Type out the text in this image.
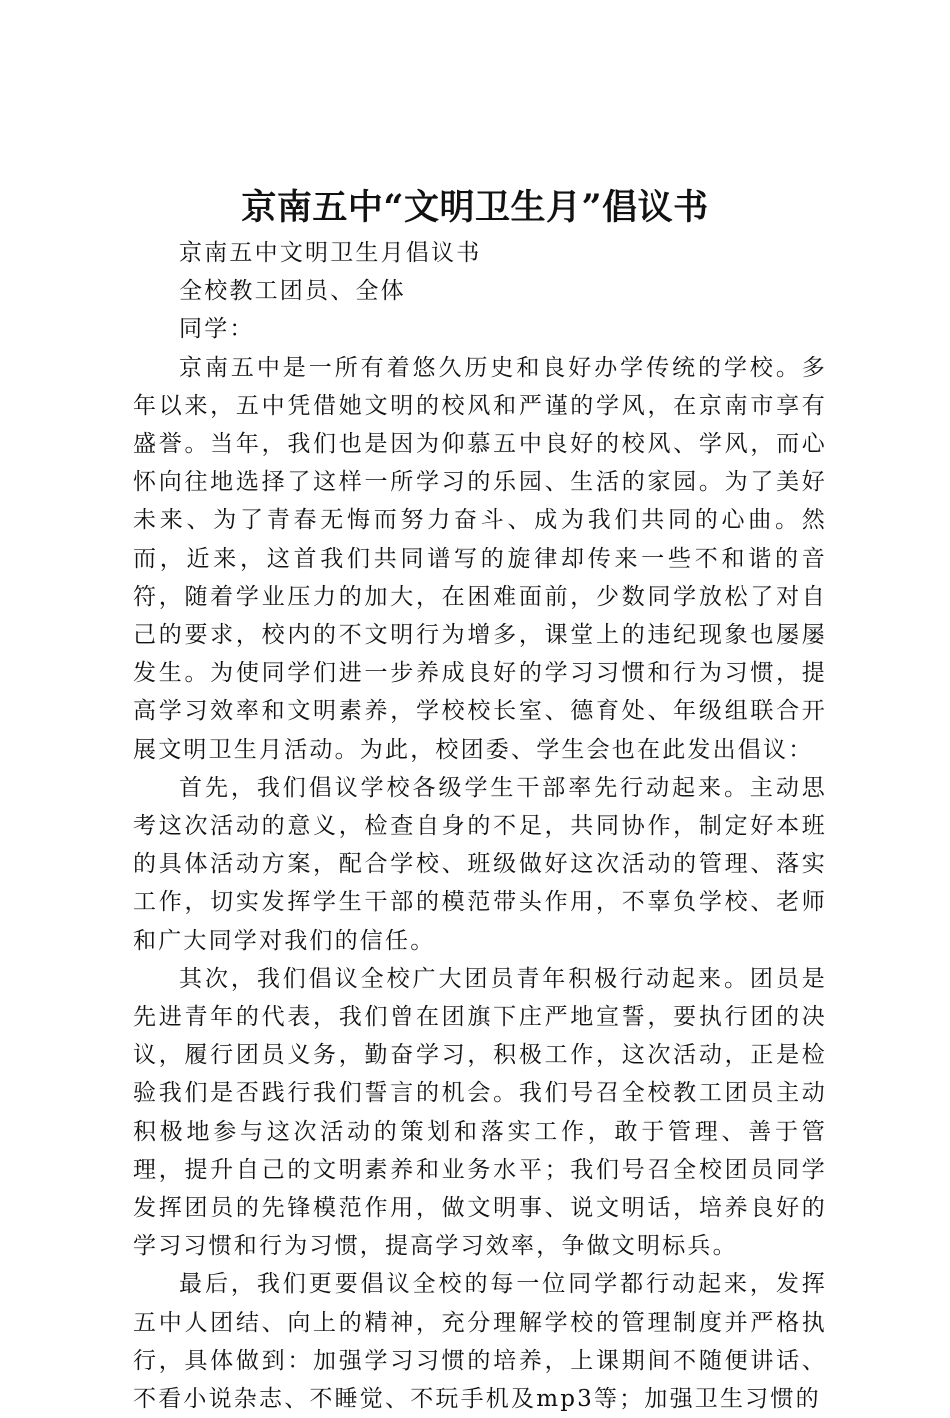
京南五中“文明卫生月”倡议书

京南五中文明卫生月倡议书

全校教工团员、全体

同学：

京南五中是一所有着悠久历史和良好办学传统的学校。多年以来，五中凭借她文明的校风和严谨的学风，在京南市享有盛誉。当年，我们也是因为仰慕五中良好的校风、学风，而心怀向往地选择了这样一所学习的乐园、生活的家园。为了美好未来、为了青春无悔而努力奋斗、成为我们共同的心曲。然而，近来，这首我们共同谱写的旋律却传来一些不和谐的音符，随着学业压力的加大，在困难面前，少数同学放松了对自己的要求，校内的不文明行为增多，课堂上的违纪现象也屡屡发生。为使同学们进一步养成良好的学习习惯和行为习惯，提高学习效率和文明素养，学校校长室、德育处、年级组联合开展文明卫生月活动。为此，校团委、学生会也在此发出倡议：

首先，我们倡议学校各级学生干部率先行动起来。主动思考这次活动的意义，检查自身的不足，共同协作，制定好本班的具体活动方案，配合学校、班级做好这次活动的管理、落实工作，切实发挥学生干部的模范带头作用，不辜负学校、老师和广大同学对我们的信任。

其次，我们倡议全校广大团员青年积极行动起来。团员是先进青年的代表，我们曾在团旗下庄严地宣誓，要执行团的决议，履行团员义务，勤奋学习，积极工作，这次活动，正是检验我们是否践行我们誓言的机会。我们号召全校教工团员主动积极地参与这次活动的策划和落实工作，敢于管理、善于管理，提升自己的文明素养和业务水平；我们号召全校团员同学发挥团员的先锋模范作用，做文明事、说文明话，培养良好的学习习惯和行为习惯，提高学习效率，争做文明标兵。

最后，我们更要倡议全校的每一位同学都行动起来，发挥五中人团结、向上的精神，充分理解学校的管理制度并严格执行，具体做到：加强学习习惯的培养，上课期间不随便讲话、不看小说杂志、不睡觉、不玩手机及mp3等；加强卫生习惯的
